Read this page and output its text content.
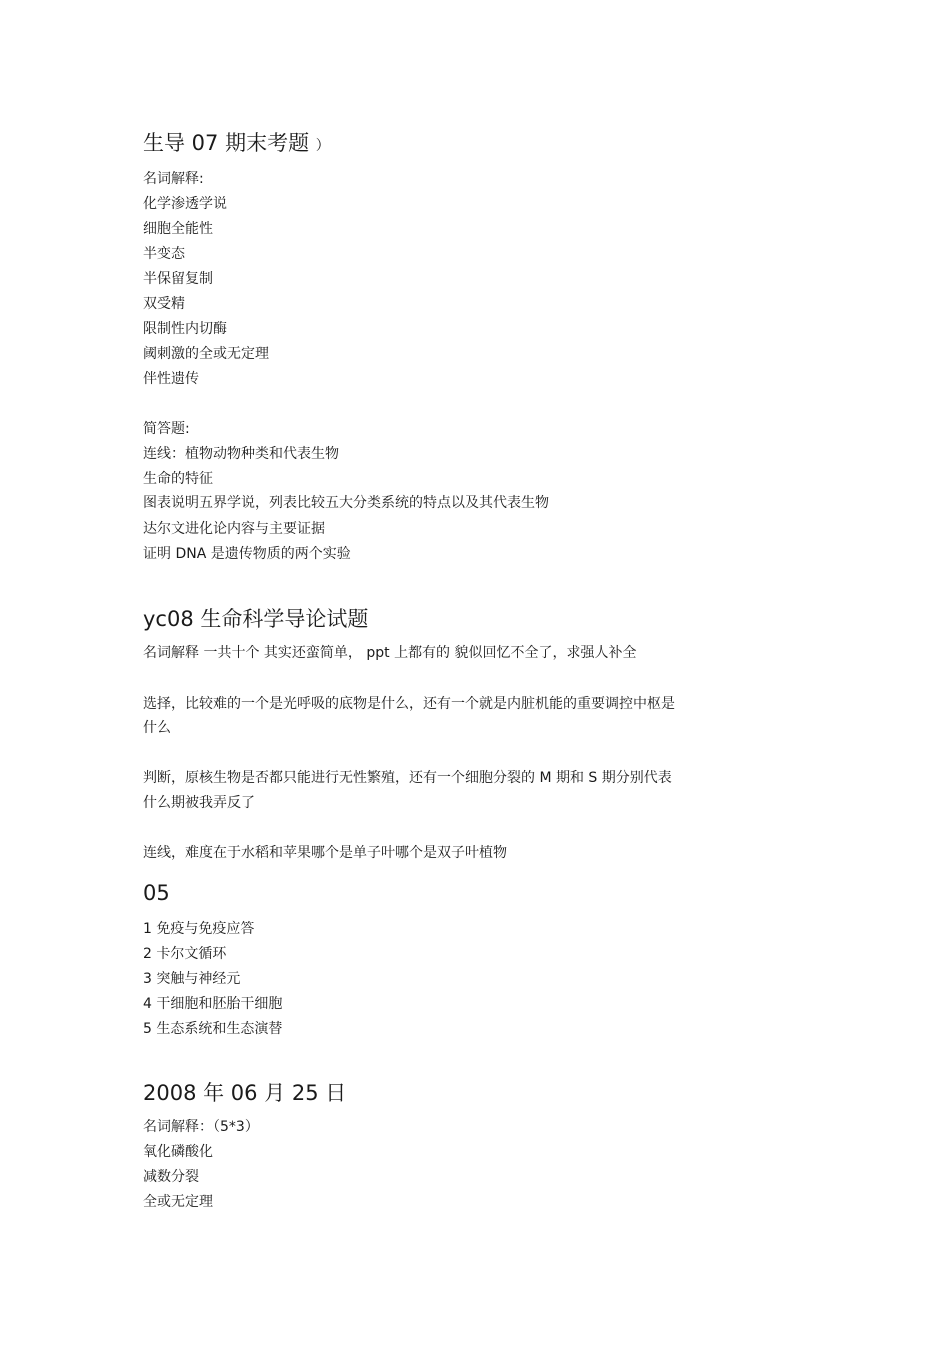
生导 07 期末考题 ）
名词解释:
化学渗透学说
细胞全能性
半变态
半保留复制
双受精
限制性内切酶
阈刺激的全或无定理
伴性遗传
简答题:
连线：植物动物种类和代表生物
生命的特征
图表说明五界学说，列表比较五大分类系统的特点以及其代表生物
达尔文进化论内容与主要证据
证明 DNA 是遗传物质的两个实验
yc08 生命科学导论试题
名词解释 一共十个 其实还蛮简单， ppt 上都有的 貌似回忆不全了，求强人补全
选择，比较难的一个是光呼吸的底物是什么，还有一个就是内脏机能的重要调控中枢是
什么
判断，原核生物是否都只能进行无性繁殖，还有一个细胞分裂的 M 期和 S 期分别代表
什么期被我弄反了
连线，难度在于水稻和苹果哪个是单子叶哪个是双子叶植物
05
1 免疫与免疫应答
2 卡尔文循环
3 突触与神经元
4 干细胞和胚胎干细胞
5 生态系统和生态演替
2008 年 06 月 25 日
名词解释：（5*3）
氧化磷酸化
减数分裂
全或无定理
